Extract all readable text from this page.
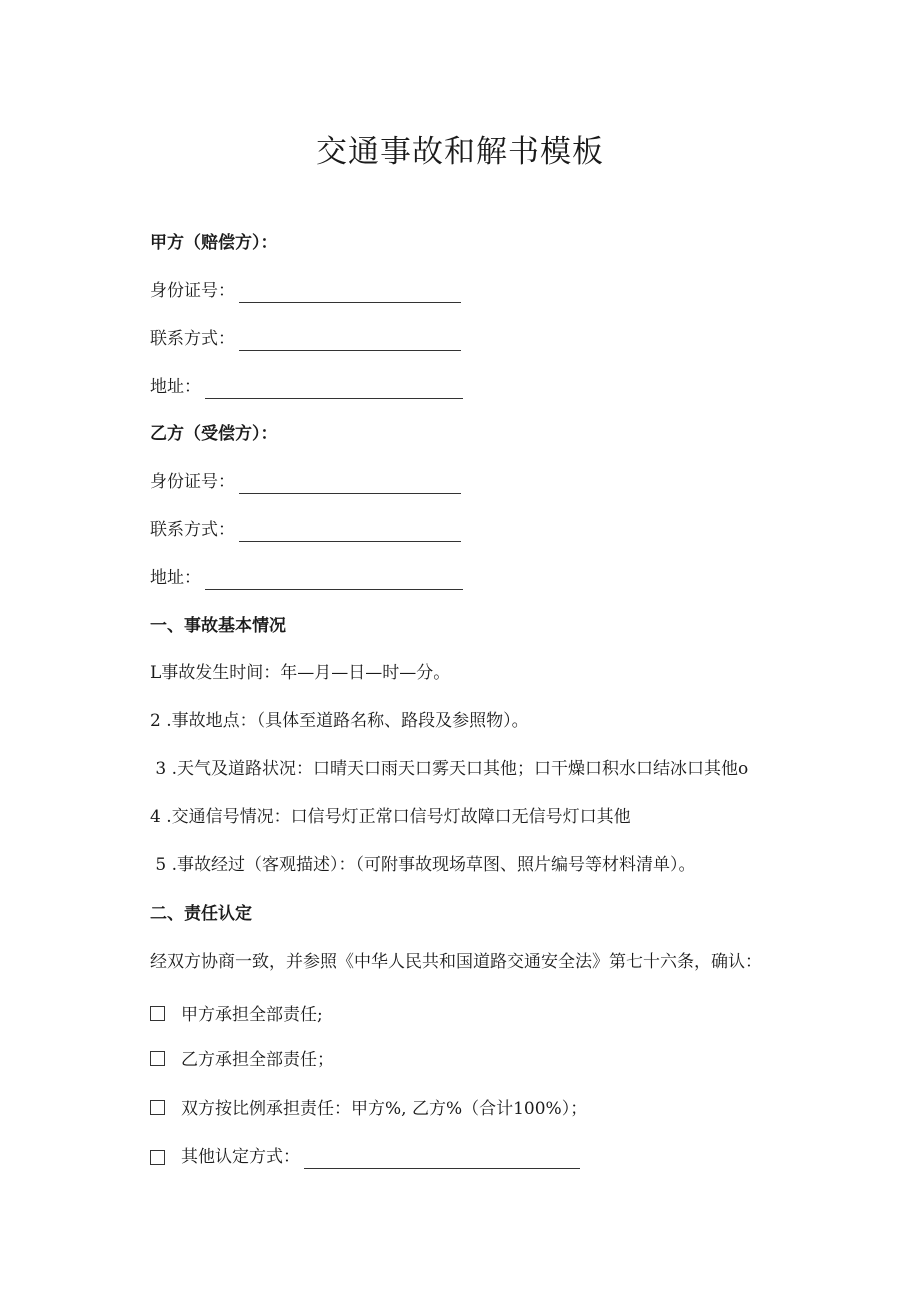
交通事故和解书模板
甲方（赔偿方）：
身份证号：
联系方式：
地址：
乙方（受偿方）：
身份证号：
联系方式：
地址：
一、事故基本情况
L事故发生时间：年—月—日—时—分。
2 .事故地点：（具体至道路名称、路段及参照物）。
3 .天气及道路状况：口晴天口雨天口雾天口其他；口干燥口积水口结冰口其他o
4 .交通信号情况：口信号灯正常口信号灯故障口无信号灯口其他
5 .事故经过（客观描述）：（可附事故现场草图、照片编号等材料清单）。
二、责任认定
经双方协商一致，并参照《中华人民共和国道路交通安全法》第七十六条，确认：
甲方承担全部责任;
乙方承担全部责任；
双方按比例承担责任：甲方%, 乙方%（合计100%）；
其他认定方式：
